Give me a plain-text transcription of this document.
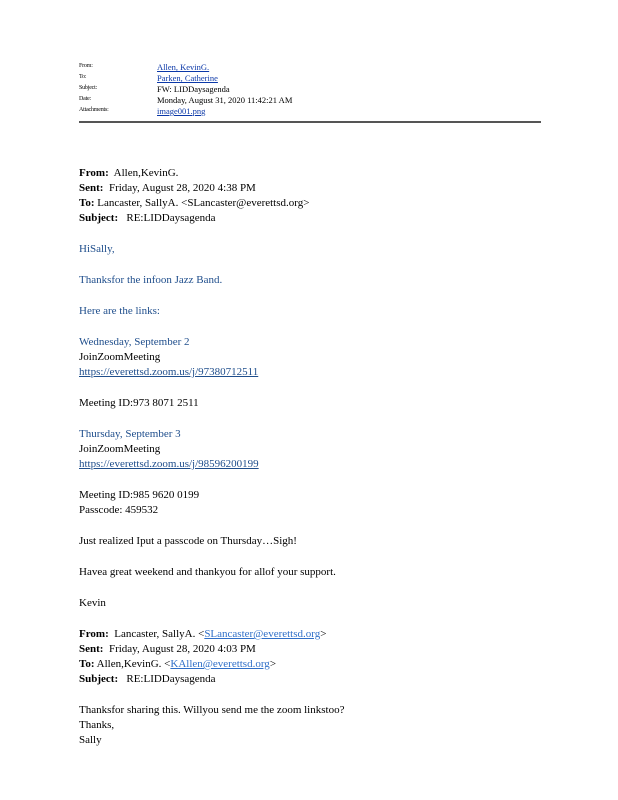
From:	Allen, KevinG.
To:	Parken, Catherine
Subject:	FW: LIDDaysagenda
Date:	Monday, August 31, 2020 11:42:21 AM
Attachments:	image001.png
From: Allen,KevinG.
Sent: Friday, August 28, 2020 4:38 PM
To: Lancaster, SallyA. <SLancaster@everettsd.org>
Subject: RE:LIDDaysagenda
HiSally,
Thanksfor the infoon Jazz Band.
Here are the links:
Wednesday, September 2
JoinZoomMeeting
https://everettsd.zoom.us/j/97380712511
Meeting ID:973 8071 2511
Thursday, September 3
JoinZoomMeeting
https://everettsd.zoom.us/j/98596200199
Meeting ID:985 9620 0199
Passcode: 459532
Just realized Iput a passcode on Thursday…Sigh!
Havea great weekend and thankyou for allof your support.
Kevin
From: Lancaster, SallyA. <SLancaster@everettsd.org>
Sent: Friday, August 28, 2020 4:03 PM
To: Allen,KevinG. <KAllen@everettsd.org>
Subject: RE:LIDDaysagenda
Thanksfor sharing this. Willyou send me the zoom linkstoo?
Thanks,
Sally
